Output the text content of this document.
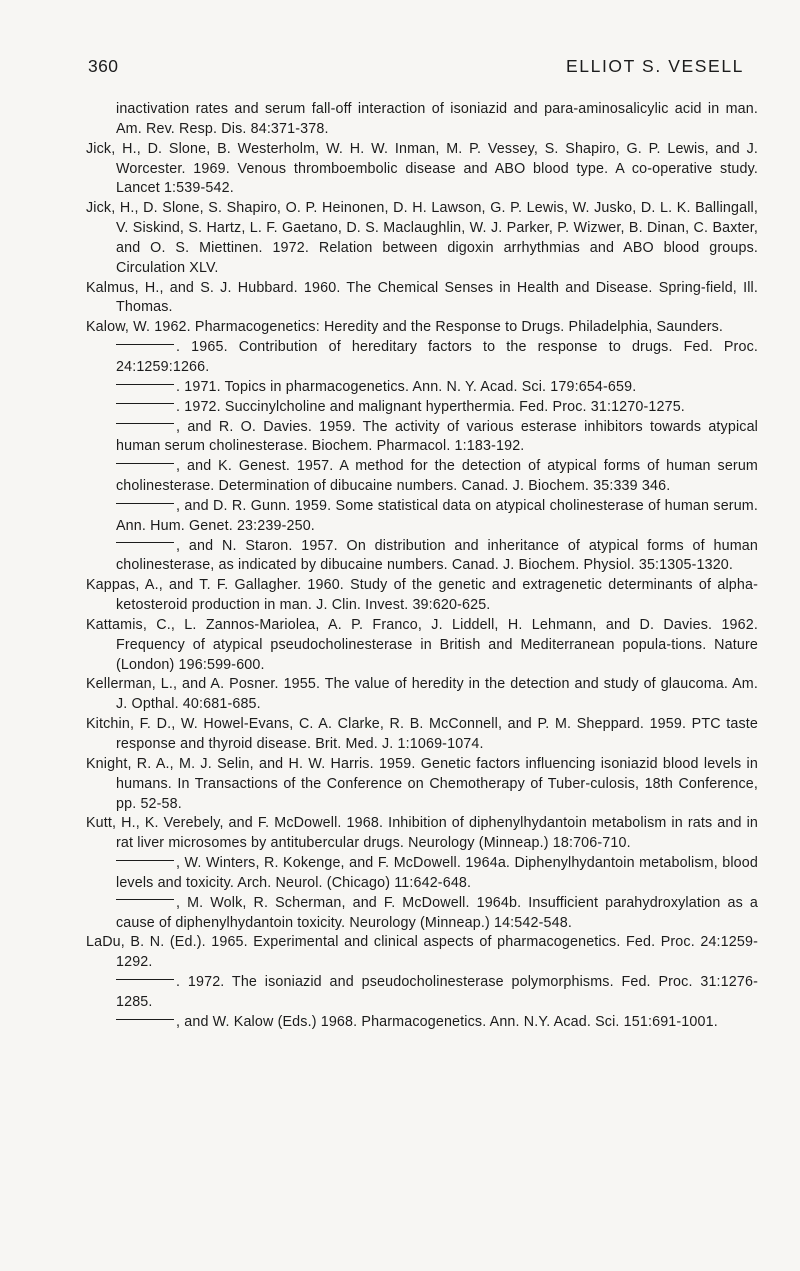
360	ELLIOT S. VESELL

inactivation rates and serum fall-off interaction of isoniazid and para-aminosalicylic acid in man. Am. Rev. Resp. Dis. 84:371-378.

Jick, H., D. Slone, B. Westerholm, W. H. W. Inman, M. P. Vessey, S. Shapiro, G. P. Lewis, and J. Worcester. 1969. Venous thromboembolic disease and ABO blood type. A co-operative study. Lancet 1:539-542.

Jick, H., D. Slone, S. Shapiro, O. P. Heinonen, D. H. Lawson, G. P. Lewis, W. Jusko, D. L. K. Ballingall, V. Siskind, S. Hartz, L. F. Gaetano, D. S. Maclaughlin, W. J. Parker, P. Wizwer, B. Dinan, C. Baxter, and O. S. Miettinen. 1972. Relation between digoxin arrhythmias and ABO blood groups. Circulation XLV.

Kalmus, H., and S. J. Hubbard. 1960. The Chemical Senses in Health and Disease. Spring-field, Ill. Thomas.

Kalow, W. 1962. Pharmacogenetics: Heredity and the Response to Drugs. Philadelphia, Saunders.

. 1965. Contribution of hereditary factors to the response to drugs. Fed. Proc. 24:1259:1266.

. 1971. Topics in pharmacogenetics. Ann. N. Y. Acad. Sci. 179:654-659.

. 1972. Succinylcholine and malignant hyperthermia. Fed. Proc. 31:1270-1275.

, and R. O. Davies. 1959. The activity of various esterase inhibitors towards atypical human serum cholinesterase. Biochem. Pharmacol. 1:183-192.

, and K. Genest. 1957. A method for the detection of atypical forms of human serum cholinesterase. Determination of dibucaine numbers. Canad. J. Biochem. 35:339 346.

, and D. R. Gunn. 1959. Some statistical data on atypical cholinesterase of human serum. Ann. Hum. Genet. 23:239-250.

, and N. Staron. 1957. On distribution and inheritance of atypical forms of human cholinesterase, as indicated by dibucaine numbers. Canad. J. Biochem. Physiol. 35:1305-1320.

Kappas, A., and T. F. Gallagher. 1960. Study of the genetic and extragenetic determinants of alpha-ketosteroid production in man. J. Clin. Invest. 39:620-625.

Kattamis, C., L. Zannos-Mariolea, A. P. Franco, J. Liddell, H. Lehmann, and D. Davies. 1962. Frequency of atypical pseudocholinesterase in British and Mediterranean popula-tions. Nature (London) 196:599-600.

Kellerman, L., and A. Posner. 1955. The value of heredity in the detection and study of glaucoma. Am. J. Opthal. 40:681-685.

Kitchin, F. D., W. Howel-Evans, C. A. Clarke, R. B. McConnell, and P. M. Sheppard. 1959. PTC taste response and thyroid disease. Brit. Med. J. 1:1069-1074.

Knight, R. A., M. J. Selin, and H. W. Harris. 1959. Genetic factors influencing isoniazid blood levels in humans. In Transactions of the Conference on Chemotherapy of Tuber-culosis, 18th Conference, pp. 52-58.

Kutt, H., K. Verebely, and F. McDowell. 1968. Inhibition of diphenylhydantoin metabolism in rats and in rat liver microsomes by antitubercular drugs. Neurology (Minneap.) 18:706-710.

, W. Winters, R. Kokenge, and F. McDowell. 1964a. Diphenylhydantoin metabolism, blood levels and toxicity. Arch. Neurol. (Chicago) 11:642-648.

, M. Wolk, R. Scherman, and F. McDowell. 1964b. Insufficient parahydroxylation as a cause of diphenylhydantoin toxicity. Neurology (Minneap.) 14:542-548.

LaDu, B. N. (Ed.). 1965. Experimental and clinical aspects of pharmacogenetics. Fed. Proc. 24:1259-1292.

. 1972. The isoniazid and pseudocholinesterase polymorphisms. Fed. Proc. 31:1276-1285.

, and W. Kalow (Eds.) 1968. Pharmacogenetics. Ann. N.Y. Acad. Sci. 151:691-1001.
